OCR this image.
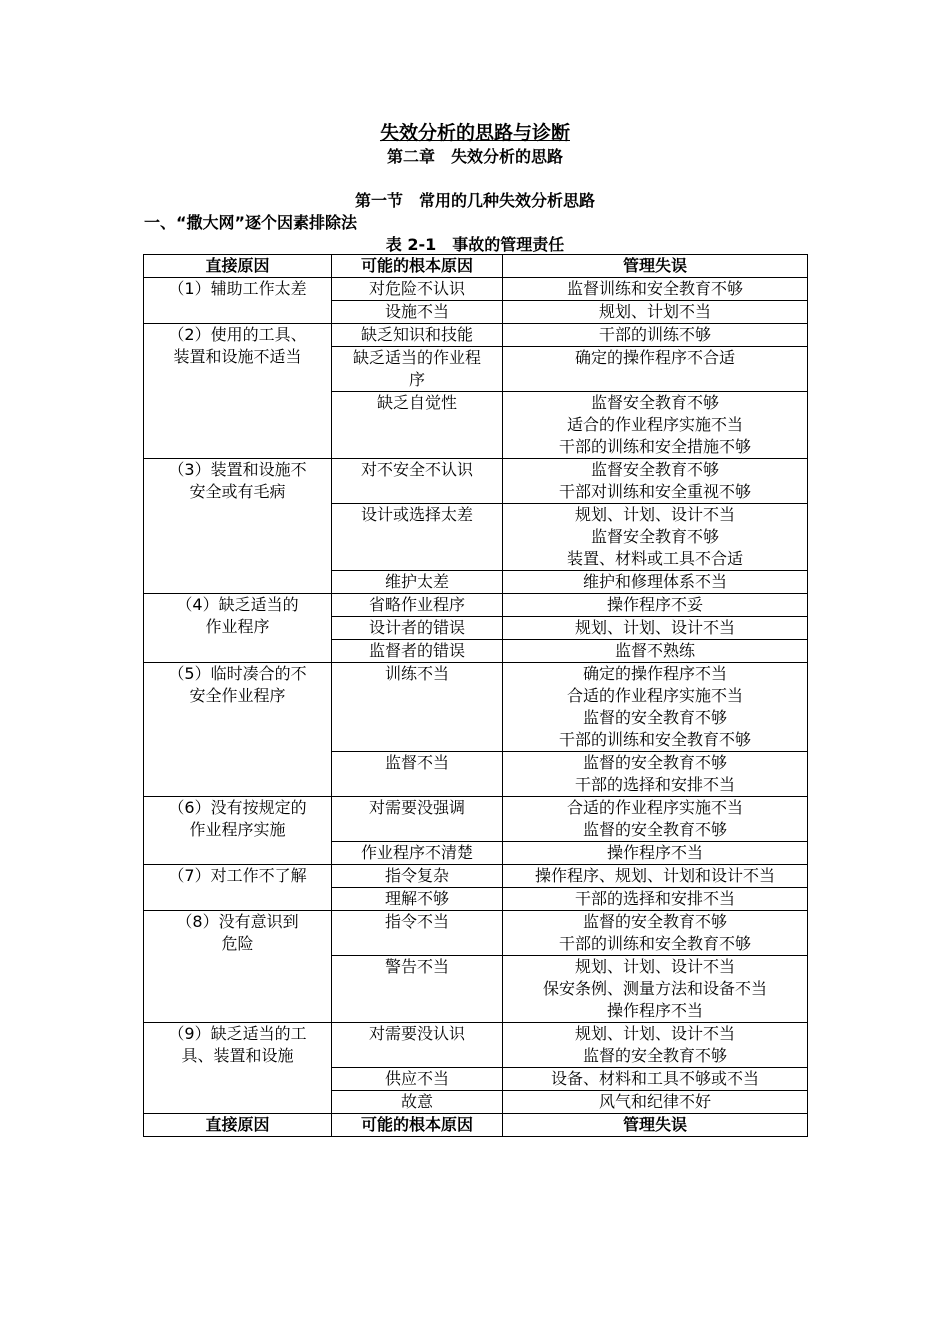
失效分析的思路与诊断
第二章　失效分析的思路
第一节　常用的几种失效分析思路
一、“撒大网”逐个因素排除法
表 2-1　事故的管理责任
直接原因	可能的根本原因	管理失误

（1）辅助工作太差	对危险不认识	监督训练和安全教育不够

	设施不当	规划、计划不当

（2）使用的工具、
装置和设施不适当	缺乏知识和技能	干部的训练不够

	缺乏适当的作业程
序	确定的操作程序不合适

	缺乏自觉性	监督安全教育不够
适合的作业程序实施不当
干部的训练和安全措施不够

（3）装置和设施不
安全或有毛病	对不安全不认识	监督安全教育不够
干部对训练和安全重视不够

	设计或选择太差	规划、计划、设计不当
监督安全教育不够
装置、材料或工具不合适

	维护太差	维护和修理体系不当

（4）缺乏适当的
作业程序	省略作业程序	操作程序不妥

	设计者的错误	规划、计划、设计不当

	监督者的错误	监督不熟练

（5）临时凑合的不
安全作业程序	训练不当	确定的操作程序不当
合适的作业程序实施不当
监督的安全教育不够
干部的训练和安全教育不够

	监督不当	监督的安全教育不够
干部的选择和安排不当

（6）没有按规定的
作业程序实施	对需要没强调	合适的作业程序实施不当
监督的安全教育不够

	作业程序不清楚	操作程序不当

（7）对工作不了解	指令复杂	操作程序、规划、计划和设计不当

	理解不够	干部的选择和安排不当

（8）没有意识到
危险	指令不当	监督的安全教育不够
干部的训练和安全教育不够

	警告不当	规划、计划、设计不当
保安条例、测量方法和设备不当
操作程序不当

（9）缺乏适当的工
具、装置和设施	对需要没认识	规划、计划、设计不当
监督的安全教育不够

	供应不当	设备、材料和工具不够或不当

	故意	风气和纪律不好

直接原因	可能的根本原因	管理失误
